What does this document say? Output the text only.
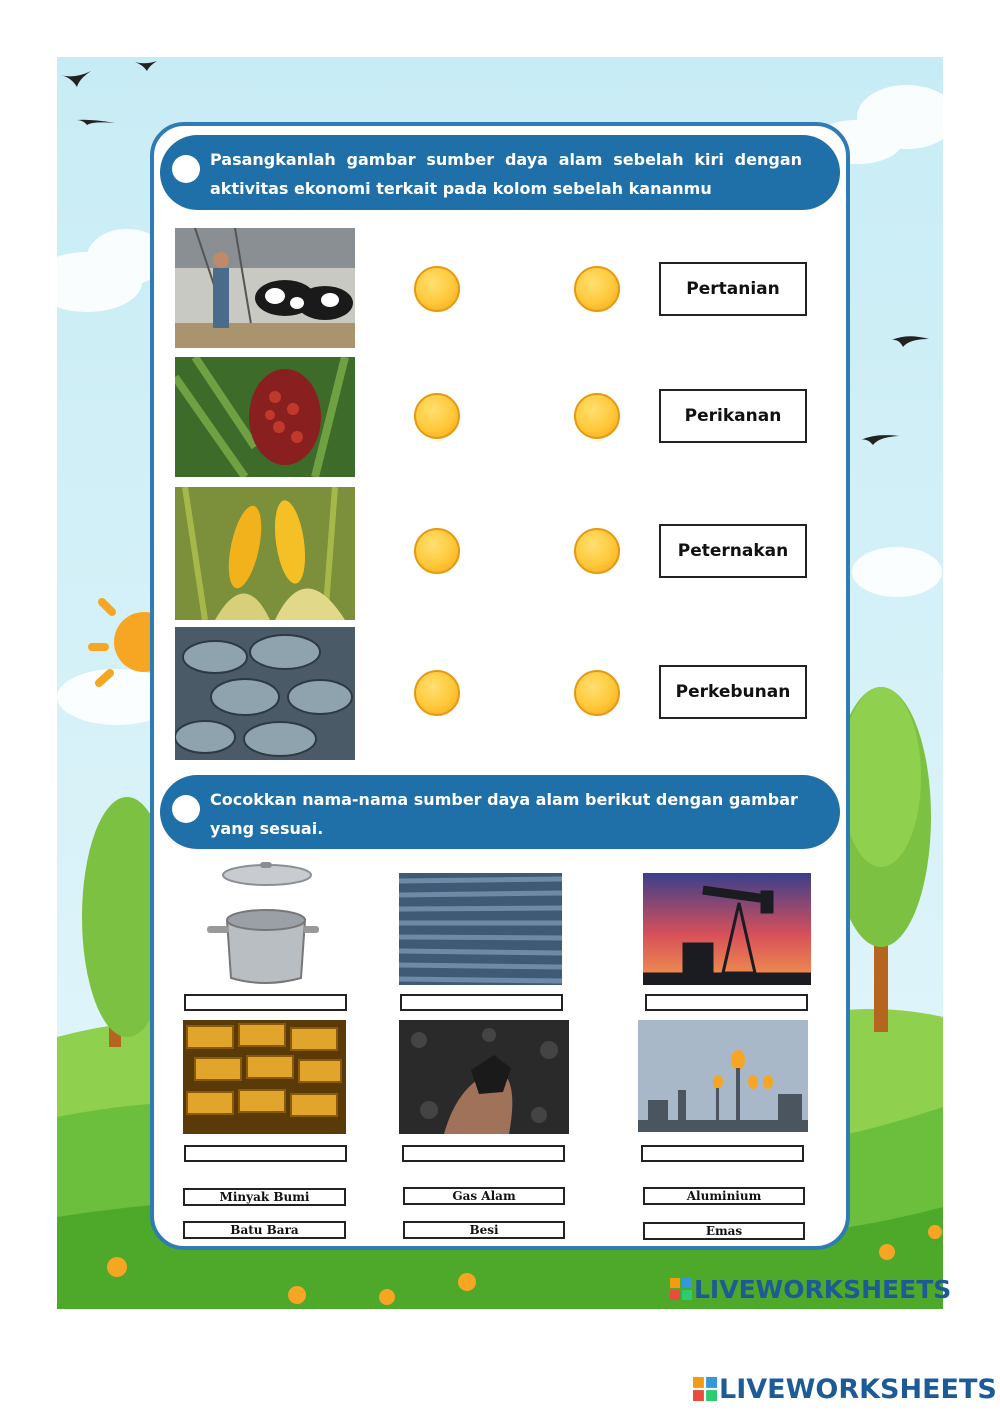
Pasangkanlah gambar sumber daya alam sebelah kiri dengan aktivitas ekonomi terkait pada kolom sebelah kananmu
Pertanian
Perikanan
Peternakan
Perkebunan
Cocokkan nama-nama sumber daya alam berikut dengan gambar yang sesuai.
Minyak Bumi	Gas Alam	Aluminium
Batu Bara	Besi	Emas
LIVEWORKSHEETS
LIVEWORKSHEETS
